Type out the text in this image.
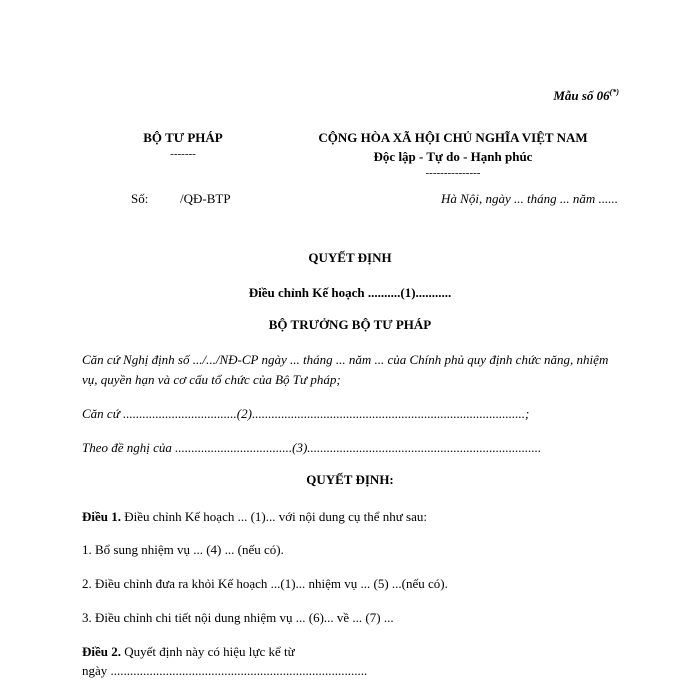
Mẫu số 06(*)
BỘ TƯ PHÁP
-------
CỘNG HÒA XÃ HỘI CHỦ NGHĨA VIỆT NAM
Độc lập - Tự do - Hạnh phúc
---------------
Số: /QĐ-BTP	Hà Nội, ngày ... tháng ... năm ......
QUYẾT ĐỊNH
Điều chỉnh Kế hoạch ..........(1)...........
BỘ TRƯỞNG BỘ TƯ PHÁP
Căn cứ Nghị định số .../.../NĐ-CP ngày ... tháng ... năm ... của Chính phủ quy định chức năng, nhiệm vụ, quyền hạn và cơ cấu tổ chức của Bộ Tư pháp;
Căn cứ ...................................(2)....................................................................................;
Theo đề nghị của ....................................(3)........................................................................
QUYẾT ĐỊNH:
Điều 1. Điều chỉnh Kế hoạch ... (1)... với nội dung cụ thể như sau:
1. Bổ sung nhiệm vụ ... (4) ... (nếu có).
2. Điều chỉnh đưa ra khỏi Kế hoạch ...(1)... nhiệm vụ ... (5) ...(nếu có).
3. Điều chỉnh chi tiết nội dung nhiệm vụ ... (6)... về ... (7) ...
Điều 2. Quyết định này có hiệu lực kể từ
ngày ...............................................................................
